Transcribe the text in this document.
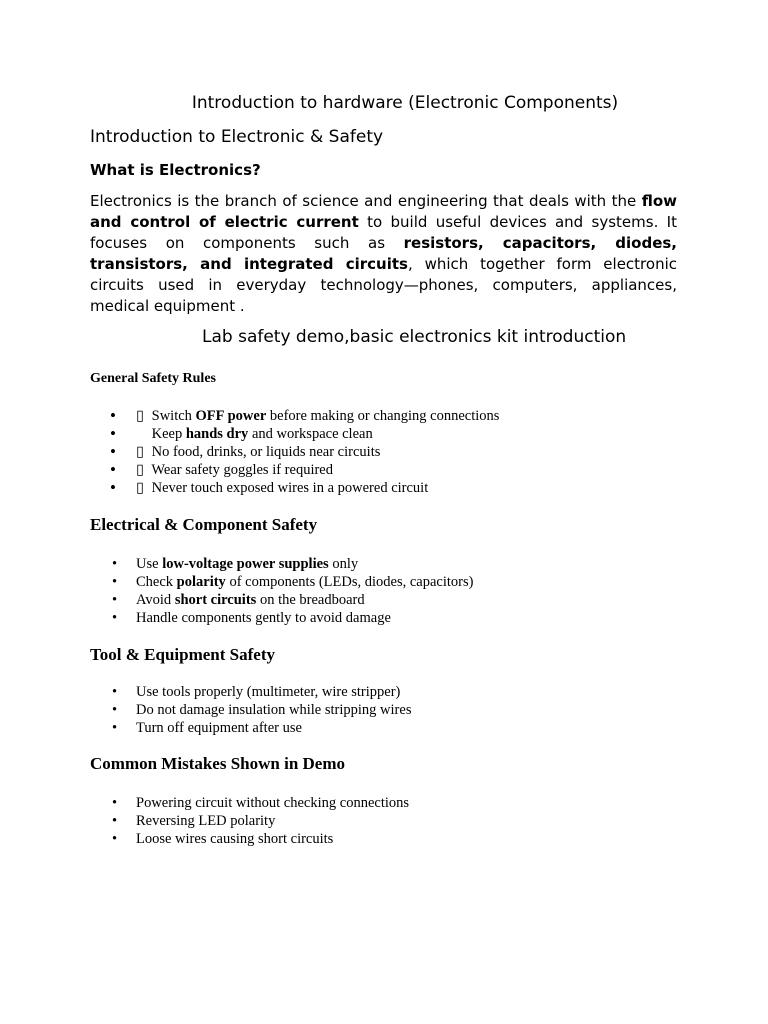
Introduction to hardware (Electronic Components)
Introduction to Electronic & Safety
What is Electronics?
Electronics is the branch of science and engineering that deals with the flow and control of electric current to build useful devices and systems. It focuses on components such as resistors, capacitors, diodes, transistors, and integrated circuits, which together form electronic circuits used in everyday technology—phones, computers, appliances, medical equipment .
Lab safety demo,basic electronics kit introduction
General Safety Rules
• ▯ Switch OFF power before making or changing connections
• Keep hands dry and workspace clean
• ▯ No food, drinks, or liquids near circuits
• ▯ Wear safety goggles if required
• ▯ Never touch exposed wires in a powered circuit
Electrical & Component Safety
• Use low-voltage power supplies only
• Check polarity of components (LEDs, diodes, capacitors)
• Avoid short circuits on the breadboard
• Handle components gently to avoid damage
Tool & Equipment Safety
• Use tools properly (multimeter, wire stripper)
• Do not damage insulation while stripping wires
• Turn off equipment after use
Common Mistakes Shown in Demo
• Powering circuit without checking connections
• Reversing LED polarity
• Loose wires causing short circuits
